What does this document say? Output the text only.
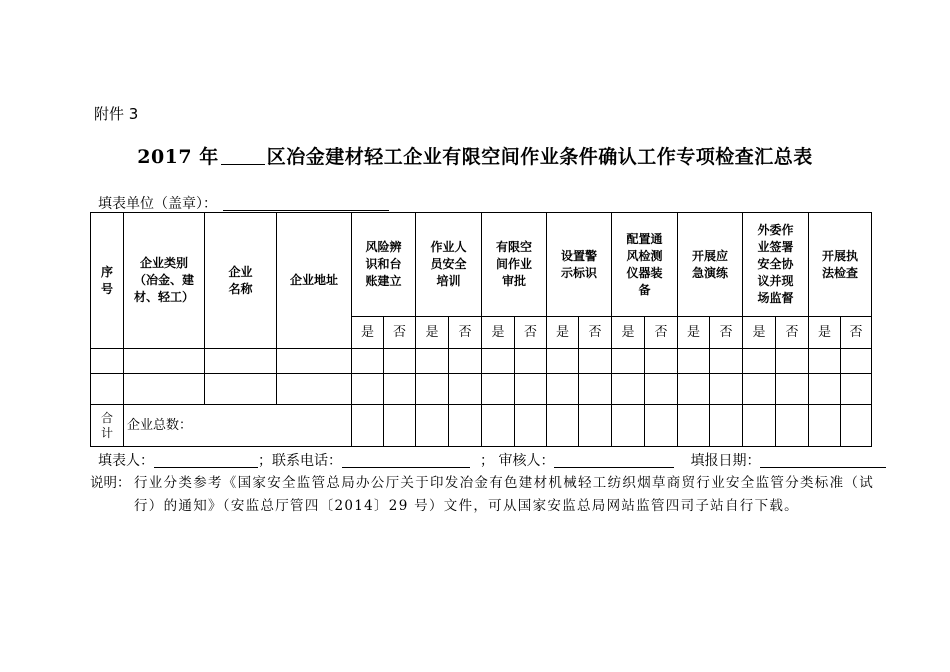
附件 3
2017 年	区冶金建材轻工企业有限空间作业条件确认工作专项检查汇总表
填表单位（盖章）：
序号	企业类别（冶金、建材、轻工）	企业名称	企业地址	风险辨识和台账建立		作业人员安全培训		有限空间作业审批		设置警示标识		配置通风检测仪器装备		开展应急演练		外委作业签署安全协议并现场监督		开展执法检查	
				是	否	是	否	是	否	是	否	是	否	是	否	是	否	是	否

合计	企业总数：																		
填表人：	；联系电话：	； 审核人：	填报日期：
说明： 行业分类参考《国家安全监管总局办公厅关于印发冶金有色建材机械轻工纺织烟草商贸行业安全监管分类标准（试行）的通知》（安监总厅管四〔2014〕29 号）文件，可从国家安监总局网站监管四司子站自行下载。
